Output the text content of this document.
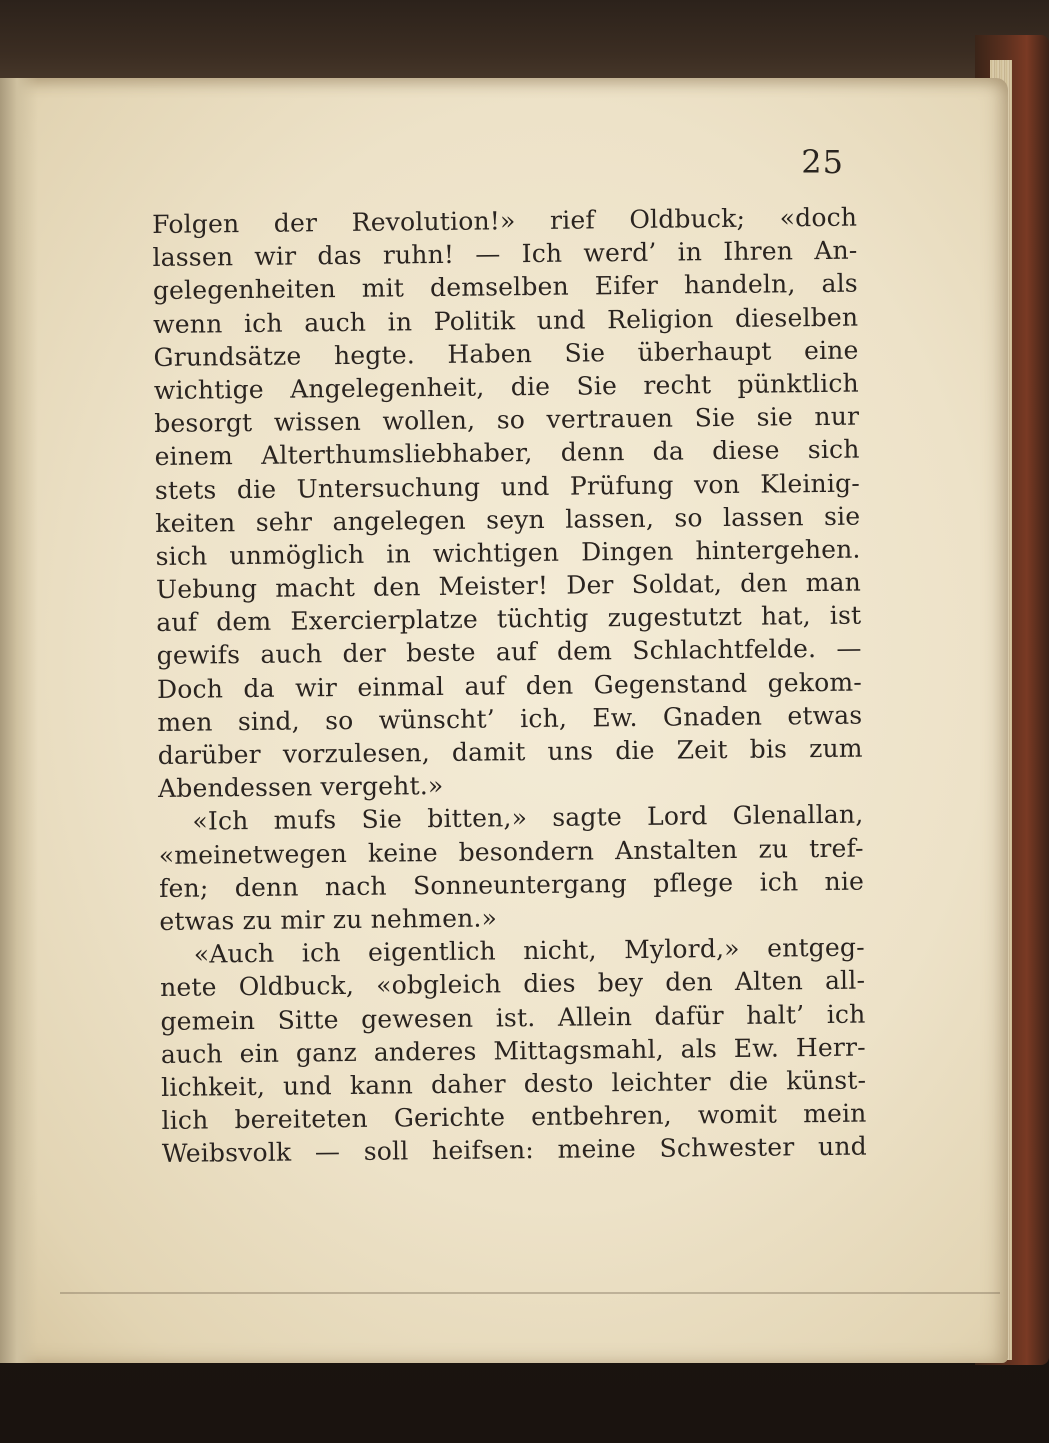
25
Folgen der Revolution!» rief Oldbuck; «doch
lassen wir das ruhn! — Ich werd’ in Ihren An-
gelegenheiten mit demselben Eifer handeln, als
wenn ich auch in Politik und Religion dieselben
Grundsätze hegte. Haben Sie überhaupt eine
wichtige Angelegenheit, die Sie recht pünktlich
besorgt wissen wollen, so vertrauen Sie sie nur
einem Alterthumsliebhaber, denn da diese sich
stets die Untersuchung und Prüfung von Kleinig-
keiten sehr angelegen seyn lassen, so lassen sie
sich unmöglich in wichtigen Dingen hintergehen.
Uebung macht den Meister! Der Soldat, den man
auf dem Exercierplatze tüchtig zugestutzt hat, ist
gewifs auch der beste auf dem Schlachtfelde. —
Doch da wir einmal auf den Gegenstand gekom-
men sind, so wünscht’ ich, Ew. Gnaden etwas
darüber vorzulesen, damit uns die Zeit bis zum
Abendessen vergeht.»
«Ich mufs Sie bitten,» sagte Lord Glenallan,
«meinetwegen keine besondern Anstalten zu tref-
fen; denn nach Sonneuntergang pflege ich nie
etwas zu mir zu nehmen.»
«Auch ich eigentlich nicht, Mylord,» entgeg-
nete Oldbuck, «obgleich dies bey den Alten all-
gemein Sitte gewesen ist. Allein dafür halt’ ich
auch ein ganz anderes Mittagsmahl, als Ew. Herr-
lichkeit, und kann daher desto leichter die künst-
lich bereiteten Gerichte entbehren, womit mein
Weibsvolk — soll heifsen: meine Schwester und
